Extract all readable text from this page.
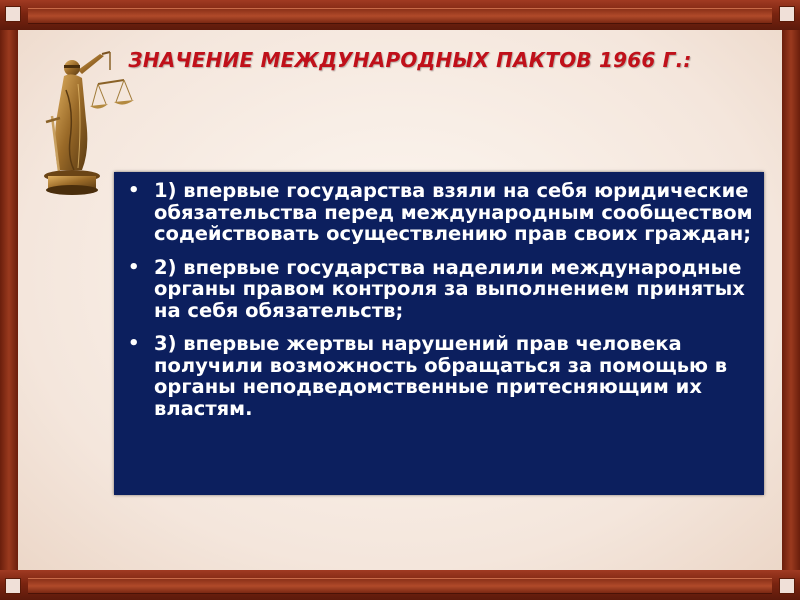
ЗНАЧЕНИЕ МЕЖДУНАРОДНЫХ ПАКТОВ 1966 Г.:
• 1) впервые государства взяли на себя юридические обязательства перед международным сообществом содействовать осуществлению прав своих граждан;
• 2) впервые государства наделили международные органы правом контроля за выполнением принятых на себя обязательств;
• 3) впервые жертвы нарушений прав человека получили возможность обращаться за помощью в органы неподведомственные притесняющим их властям.
